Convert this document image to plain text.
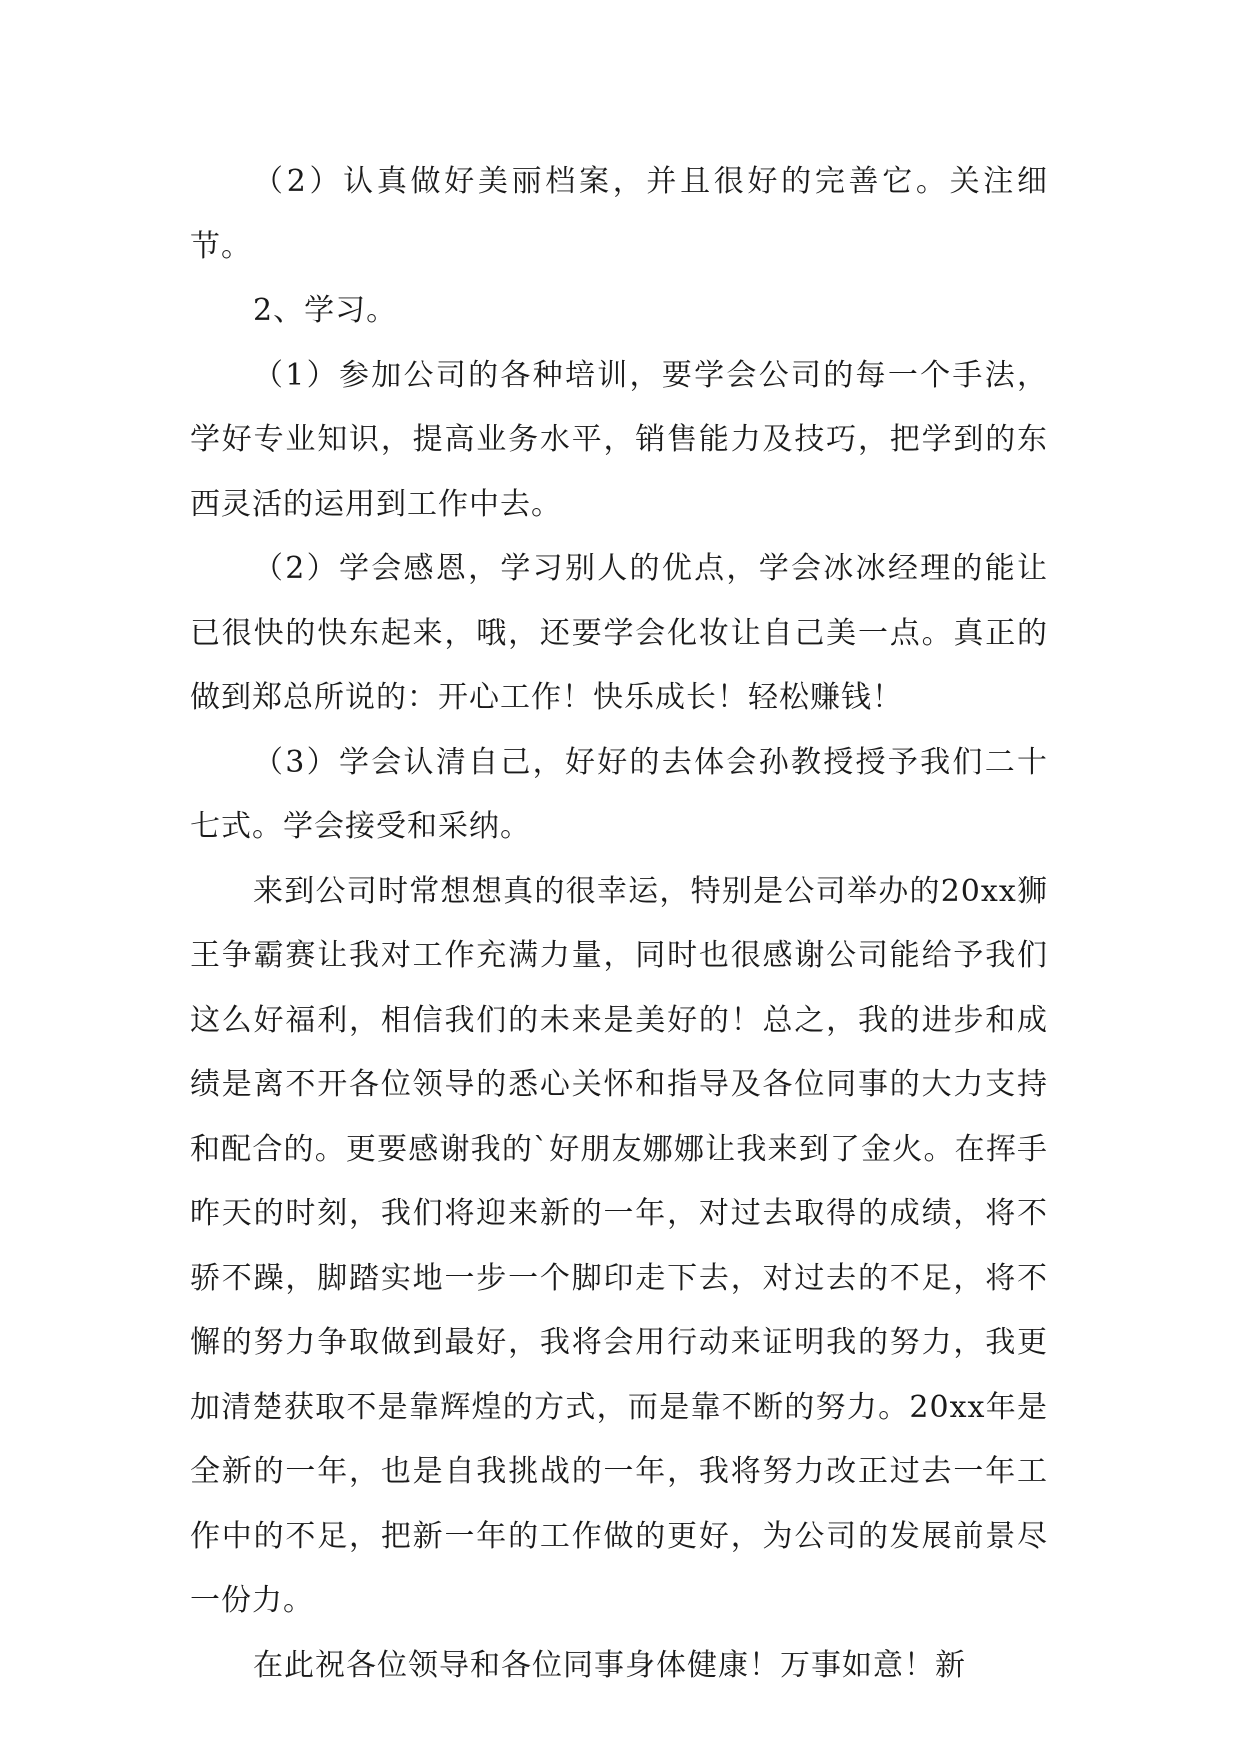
（2）认真做好美丽档案，并且很好的完善它。关注细节。

2、学习。

（1）参加公司的各种培训，要学会公司的每一个手法，学好专业知识，提高业务水平，销售能力及技巧，把学到的东西灵活的运用到工作中去。

（2）学会感恩，学习别人的优点，学会冰冰经理的能让已很快的快东起来，哦，还要学会化妆让自己美一点。真正的做到郑总所说的：开心工作！快乐成长！轻松赚钱！

（3）学会认清自己，好好的去体会孙教授授予我们二十七式。学会接受和采纳。

来到公司时常想想真的很幸运，特别是公司举办的20xx狮王争霸赛让我对工作充满力量，同时也很感谢公司能给予我们这么好福利，相信我们的未来是美好的！总之，我的进步和成绩是离不开各位领导的悉心关怀和指导及各位同事的大力支持和配合的。更要感谢我的`好朋友娜娜让我来到了金火。在挥手昨天的时刻，我们将迎来新的一年，对过去取得的成绩，将不骄不躁，脚踏实地一步一个脚印走下去，对过去的不足，将不懈的努力争取做到最好，我将会用行动来证明我的努力，我更加清楚获取不是靠辉煌的方式，而是靠不断的努力。20xx年是全新的一年，也是自我挑战的一年，我将努力改正过去一年工作中的不足，把新一年的工作做的更好，为公司的发展前景尽一份力。

在此祝各位领导和各位同事身体健康！万事如意！新
